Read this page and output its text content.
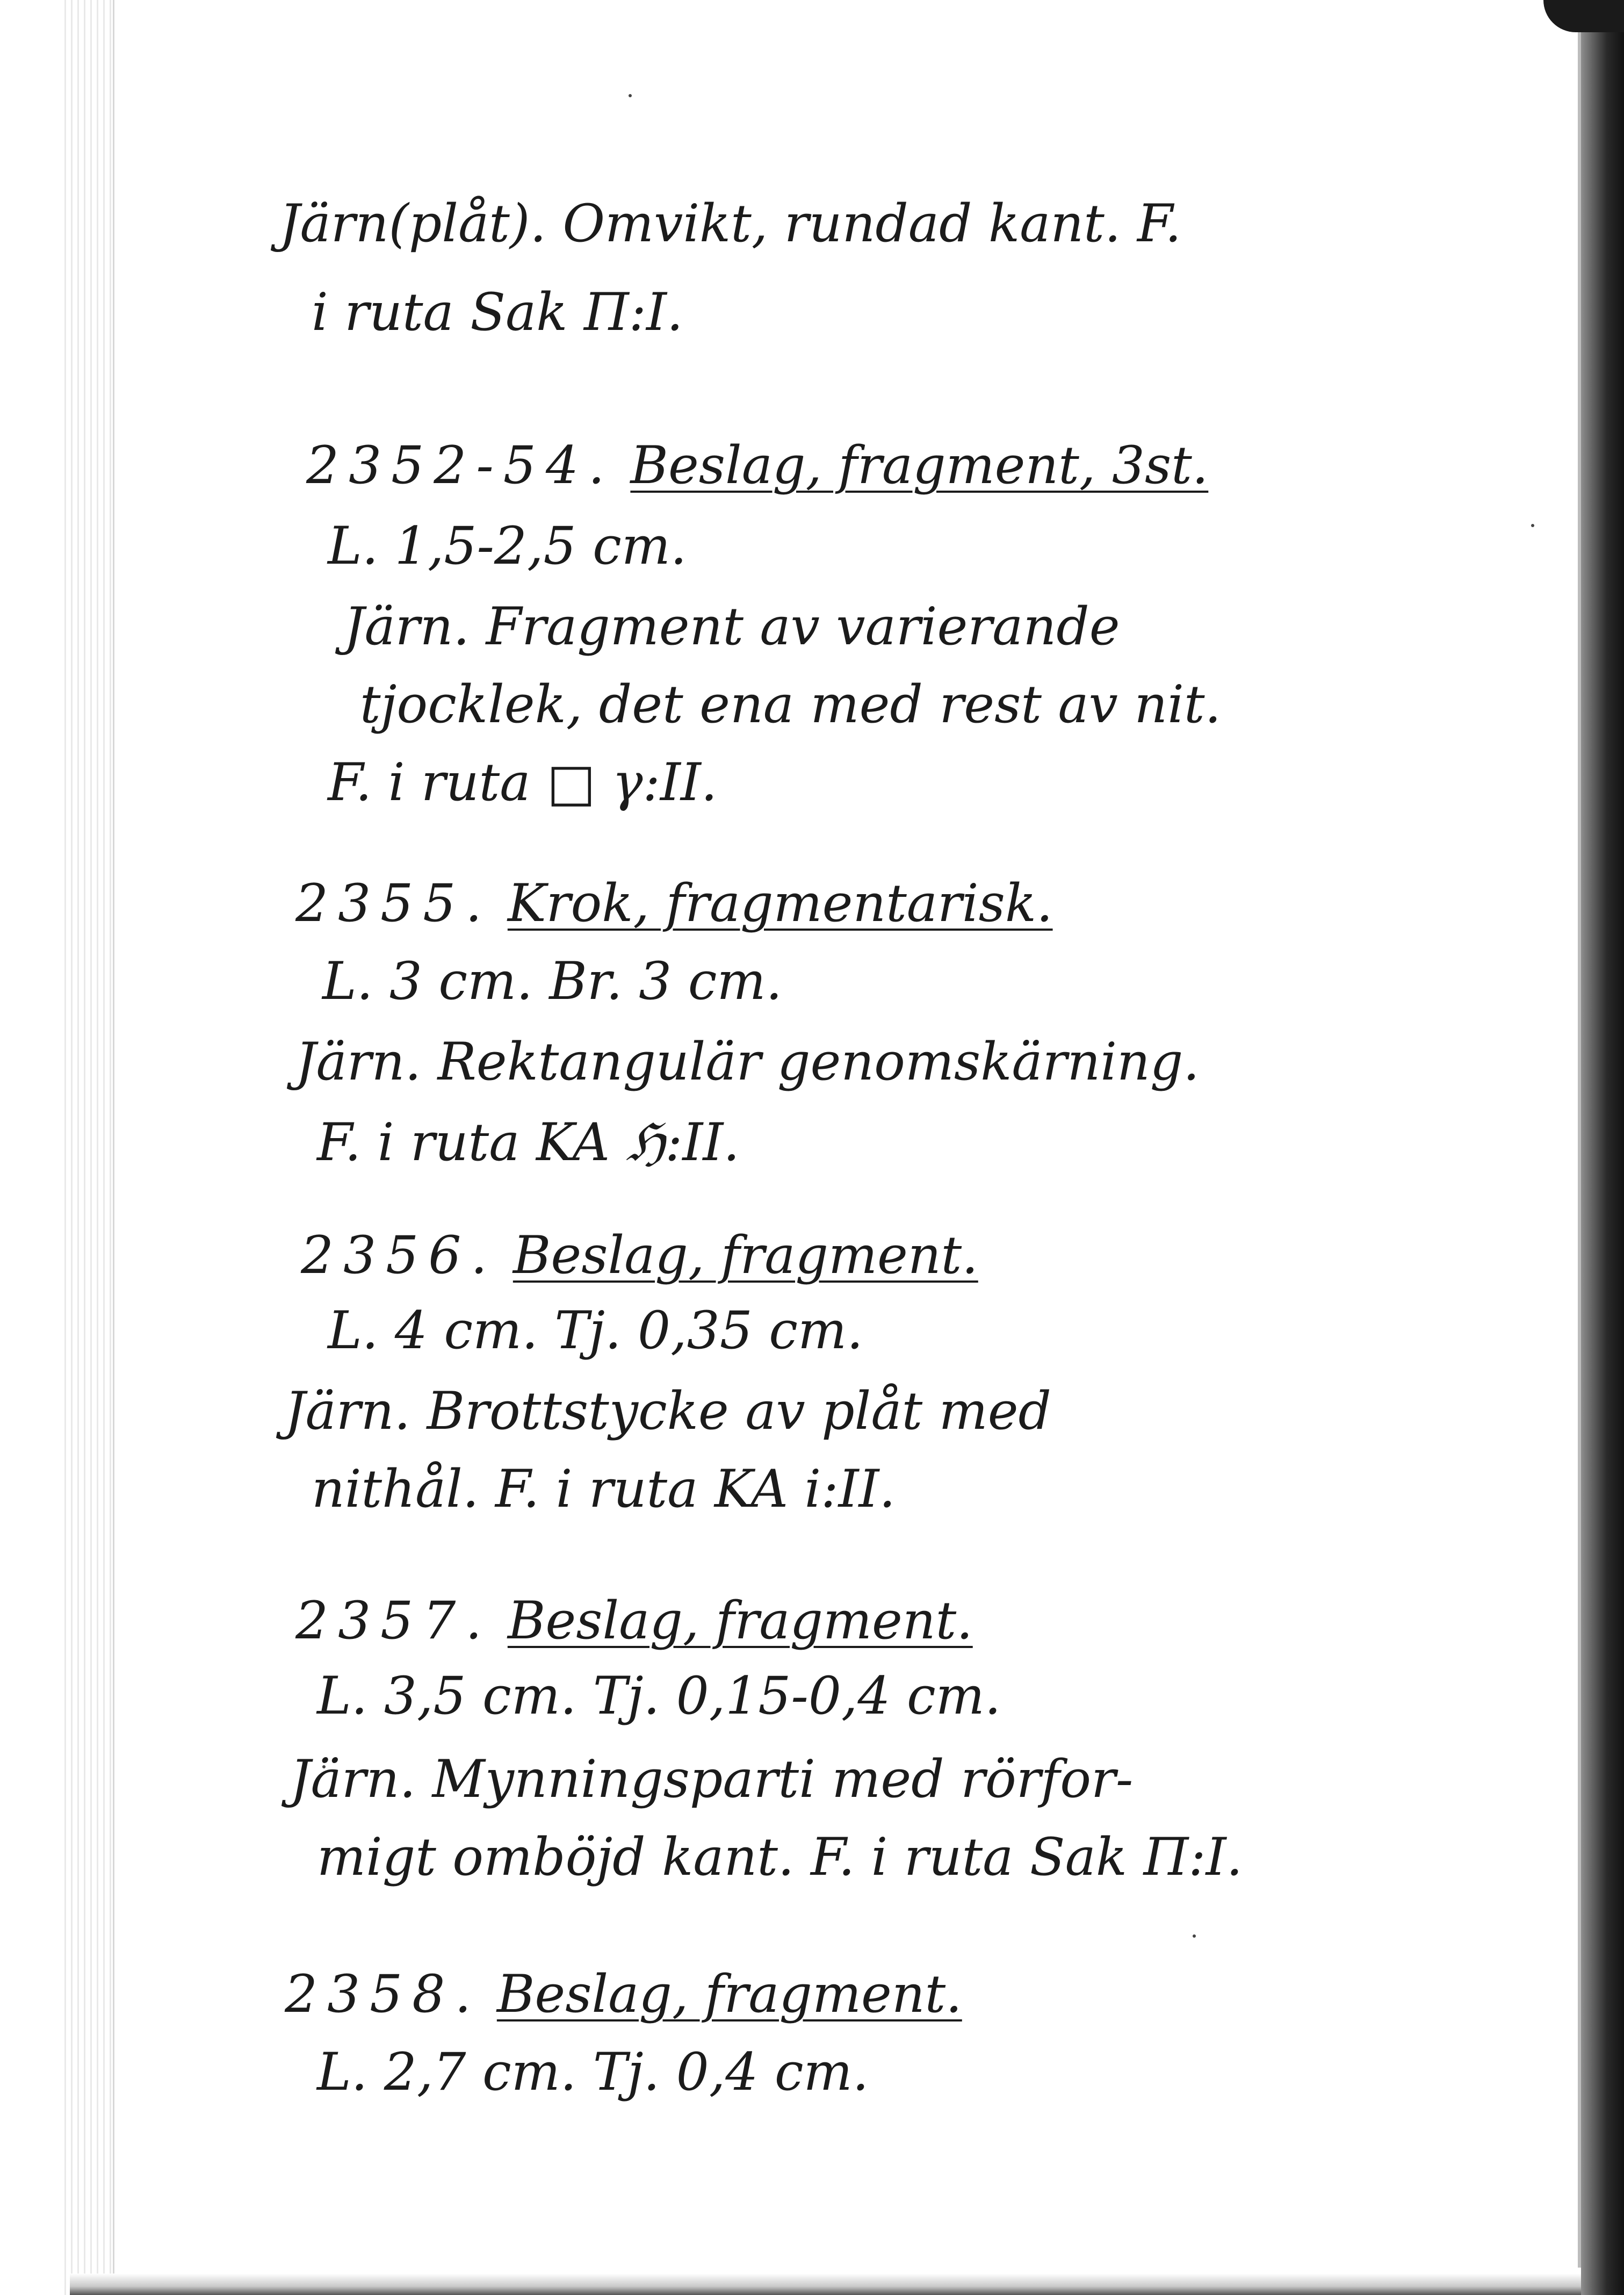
Järn(plåt). Omvikt, rundad kant. F.
i ruta Sak Π:I.
2352-54. Beslag, fragment, 3st.
L. 1,5-2,5 cm.
Järn. Fragment av varierande
tjocklek, det ena med rest av nit.
F. i ruta □ γ:II.
2355. Krok, fragmentarisk.
L. 3 cm. Br. 3 cm.
Järn. Rektangulär genomskärning.
F. i ruta KA ℌ:II.
2356. Beslag, fragment.
L. 4 cm. Tj. 0,35 cm.
Järn. Brottstycke av plåt med
nithål. F. i ruta KA i:II.
2357. Beslag, fragment.
L. 3,5 cm. Tj. 0,15-0,4 cm.
Järn. Mynningsparti med rörfor-
migt omböjd kant. F. i ruta Sak Π:I.
2358. Beslag, fragment.
L. 2,7 cm. Tj. 0,4 cm.
